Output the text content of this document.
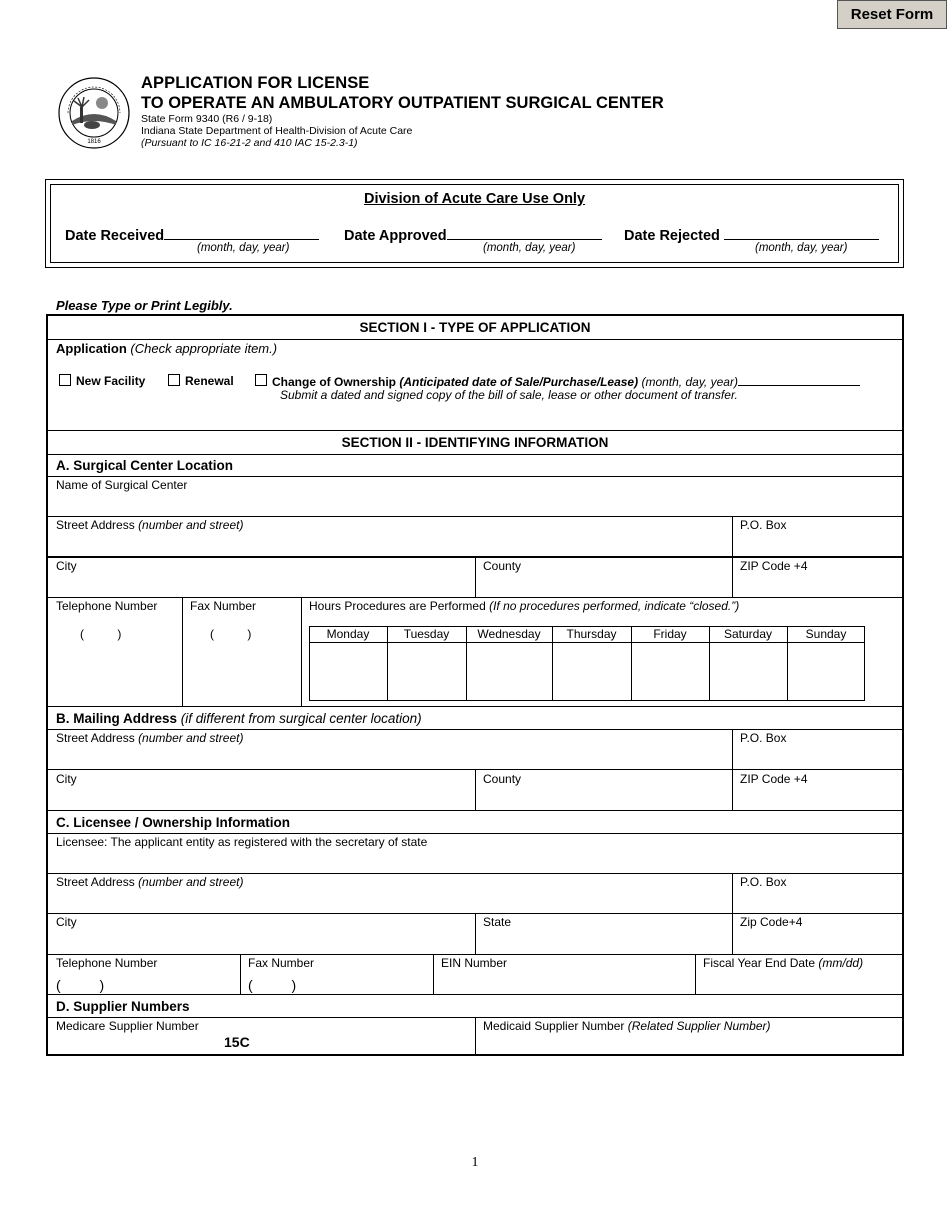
Reset Form
1816
APPLICATION FOR LICENSE
TO OPERATE AN AMBULATORY OUTPATIENT SURGICAL CENTER
State Form 9340 (R6 / 9-18)
Indiana State Department of Health-Division of Acute Care
(Pursuant to IC 16-21-2 and 410 IAC 15-2.3-1)
Division of Acute Care Use Only
Date Received
(month, day, year)
Date Approved
(month, day, year)
Date Rejected
(month, day, year)
Please Type or Print Legibly.
SECTION I - TYPE OF APPLICATION
Application (Check appropriate item.)
New Facility	Renewal	Change of Ownership (Anticipated date of Sale/Purchase/Lease) (month, day, year)
Submit a dated and signed copy of the bill of sale, lease or other document of transfer.
SECTION II - IDENTIFYING INFORMATION
A. Surgical Center Location
Name of Surgical Center
Street Address (number and street)	P.O. Box
City	County	ZIP Code +4
Telephone Number
(          )
Fax Number
(          )
Hours Procedures are Performed (If no procedures performed, indicate “closed.”)
Monday	Tuesday	Wednesday	Thursday	Friday	Saturday	Sunday
B. Mailing Address (if different from surgical center location)
Street Address (number and street)	P.O. Box
City	County	ZIP Code +4
C. Licensee / Ownership Information
Licensee: The applicant entity as registered with the secretary of state
Street Address (number and street)	P.O. Box
City	State	Zip Code+4
Telephone Number
(          )
Fax Number
(          )
EIN Number	Fiscal Year End Date (mm/dd)
D. Supplier Numbers
Medicare Supplier Number
15C
Medicaid Supplier Number (Related Supplier Number)
1
